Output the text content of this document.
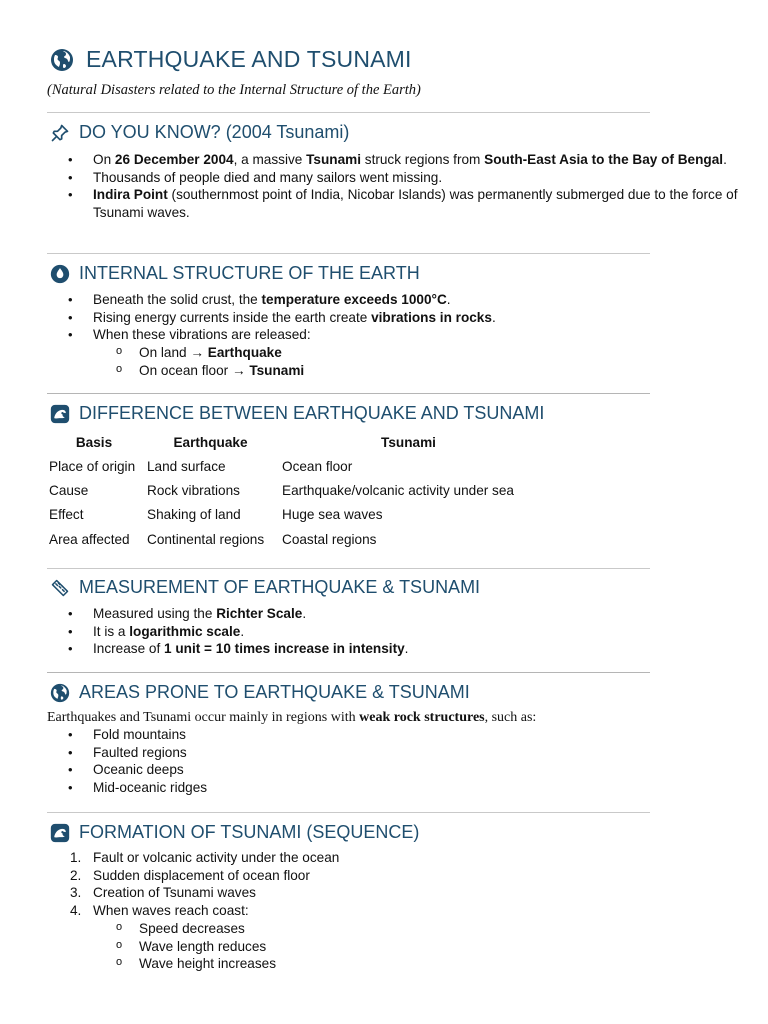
EARTHQUAKE AND TSUNAMI
(Natural Disasters related to the Internal Structure of the Earth)
DO YOU KNOW? (2004 Tsunami)
• On 26 December 2004, a massive Tsunami struck regions from South-East Asia to the Bay of Bengal.
• Thousands of people died and many sailors went missing.
• Indira Point (southernmost point of India, Nicobar Islands) was permanently submerged due to the force of Tsunami waves.
INTERNAL STRUCTURE OF THE EARTH
• Beneath the solid crust, the temperature exceeds 1000°C.
• Rising energy currents inside the earth create vibrations in rocks.
• When these vibrations are released:
o On land → Earthquake
o On ocean floor → Tsunami
DIFFERENCE BETWEEN EARTHQUAKE AND TSUNAMI
Basis	Earthquake	Tsunami
Place of origin	Land surface	Ocean floor
Cause	Rock vibrations	Earthquake/volcanic activity under sea
Effect	Shaking of land	Huge sea waves
Area affected	Continental regions	Coastal regions
MEASUREMENT OF EARTHQUAKE & TSUNAMI
• Measured using the Richter Scale.
• It is a logarithmic scale.
• Increase of 1 unit = 10 times increase in intensity.
AREAS PRONE TO EARTHQUAKE & TSUNAMI
Earthquakes and Tsunami occur mainly in regions with weak rock structures, such as:
• Fold mountains
• Faulted regions
• Oceanic deeps
• Mid-oceanic ridges
FORMATION OF TSUNAMI (SEQUENCE)
1. Fault or volcanic activity under the ocean
2. Sudden displacement of ocean floor
3. Creation of Tsunami waves
4. When waves reach coast:
o Speed decreases
o Wave length reduces
o Wave height increases
